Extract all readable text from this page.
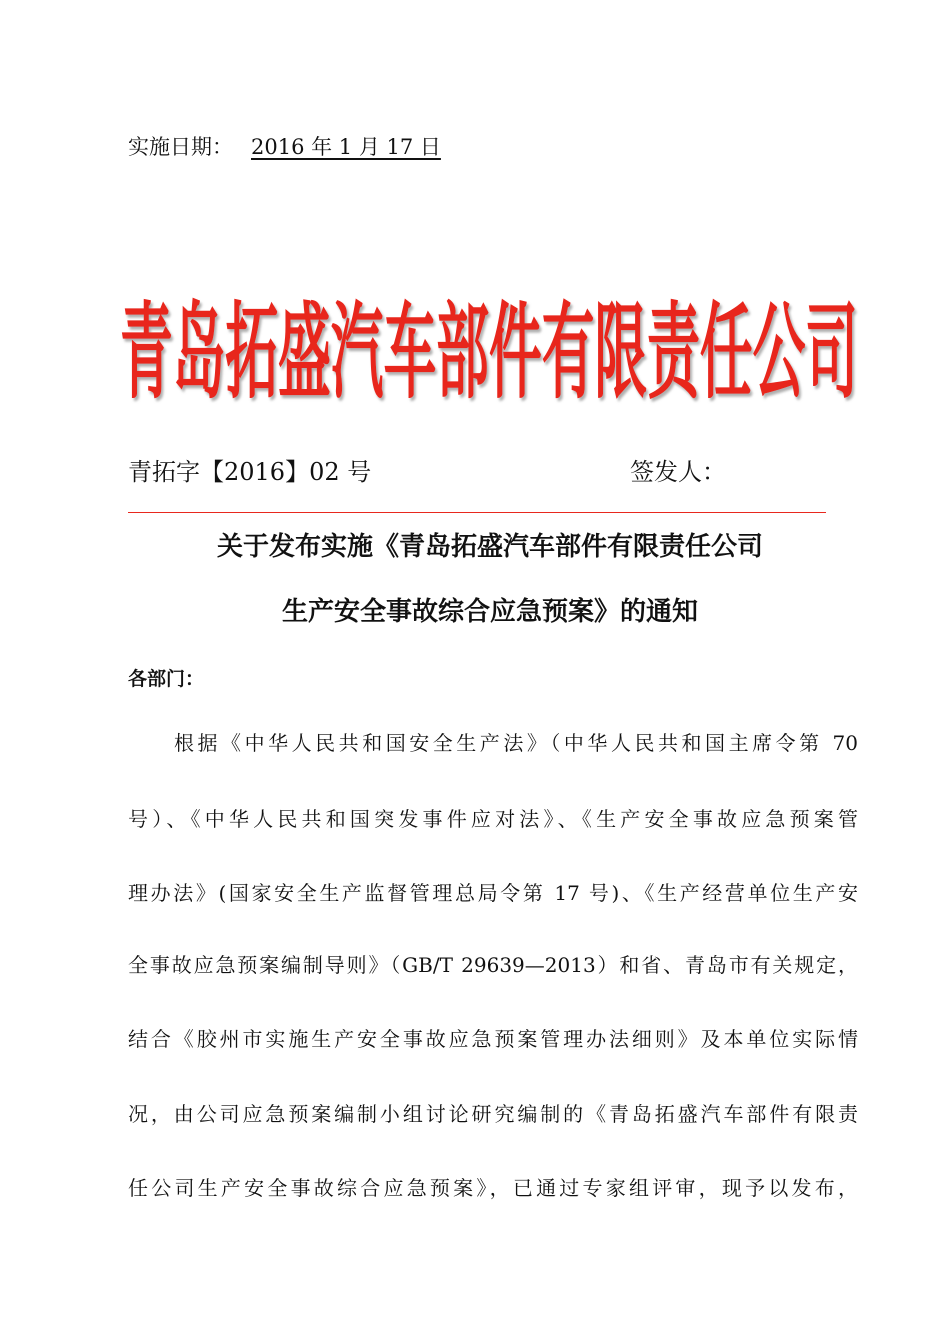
实施日期： 2016 年 1 月 17 日
青岛拓盛汽车部件有限责任公司
青拓字【2016】02 号	签发人：
关于发布实施《青岛拓盛汽车部件有限责任公司
生产安全事故综合应急预案》的通知
各部门：
根据《中华人民共和国安全生产法》（中华人民共和国主席令第 70
号）、《中华人民共和国突发事件应对法》、《生产安全事故应急预案管
理办法》(国家安全生产监督管理总局令第 17 号)、《生产经营单位生产安
全事故应急预案编制导则》（GB/T 29639—2013）和省、青岛市有关规定，
结合《胶州市实施生产安全事故应急预案管理办法细则》及本单位实际情
况，由公司应急预案编制小组讨论研究编制的《青岛拓盛汽车部件有限责
任公司生产安全事故综合应急预案》，已通过专家组评审，现予以发布，
